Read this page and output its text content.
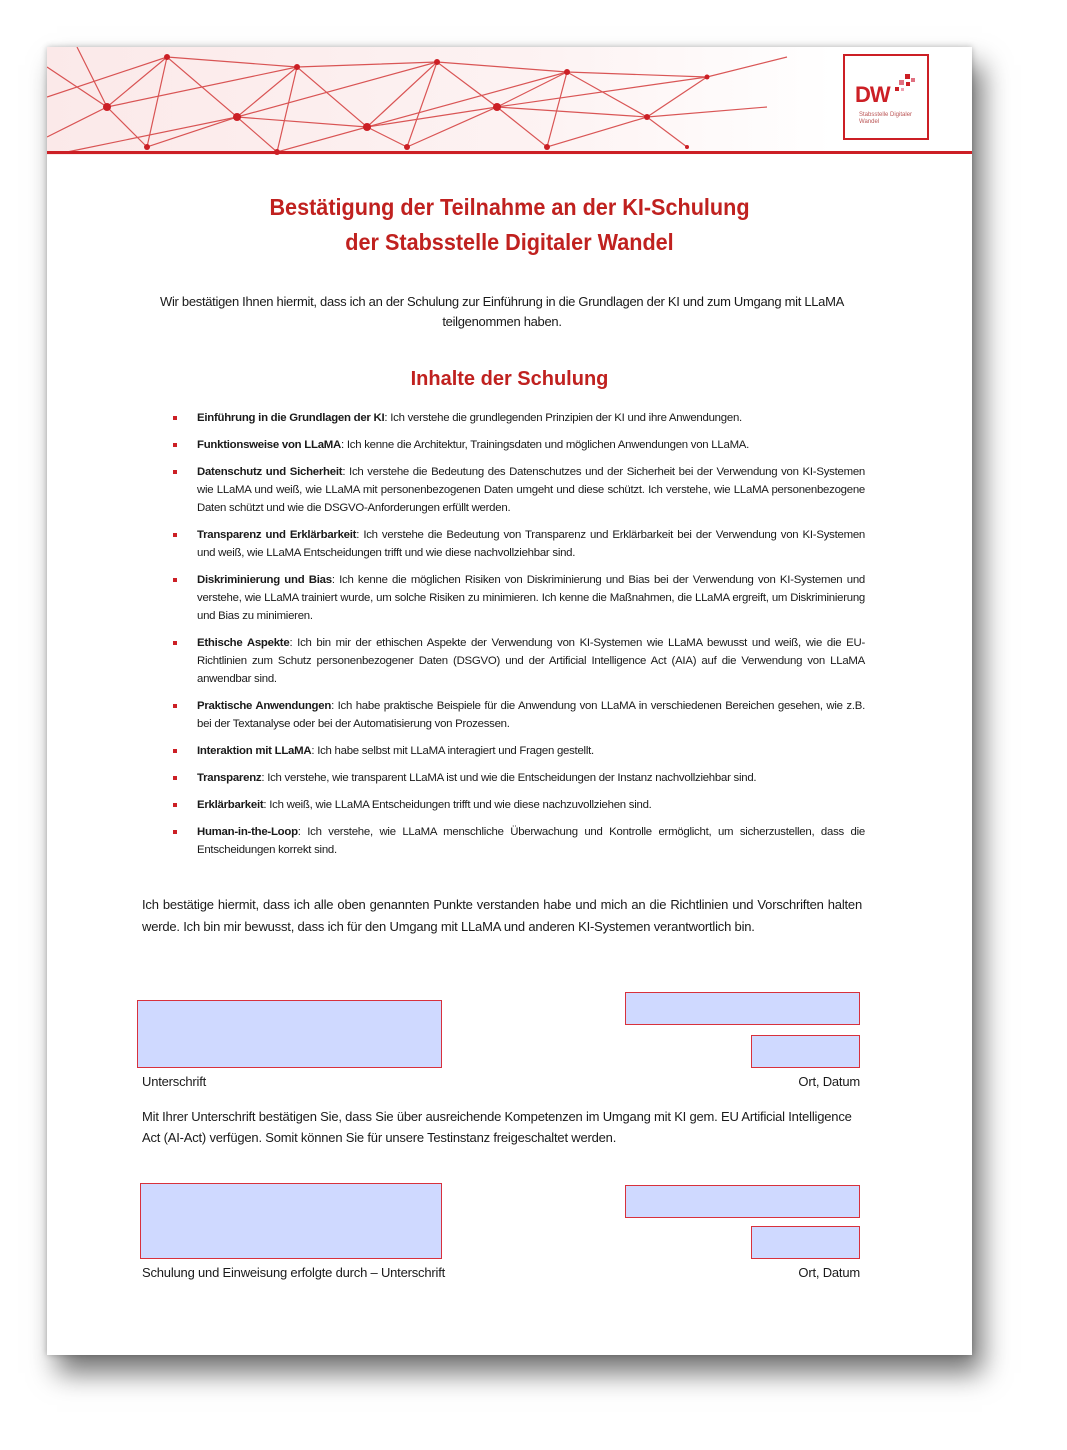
DW
Stabsstelle Digitaler Wandel
Bestätigung der Teilnahme an der KI-Schulung
der Stabsstelle Digitaler Wandel
Wir bestätigen Ihnen hiermit, dass ich an der Schulung zur Einführung in die Grundlagen der KI und zum Umgang mit LLaMA teilgenommen haben.
Inhalte der Schulung
Einführung in die Grundlagen der KI: Ich verstehe die grundlegenden Prinzipien der KI und ihre Anwendungen.
Funktionsweise von LLaMA: Ich kenne die Architektur, Trainingsdaten und möglichen Anwendungen von LLaMA.
Datenschutz und Sicherheit: Ich verstehe die Bedeutung des Datenschutzes und der Sicherheit bei der Verwendung von KI-Systemen wie LLaMA und weiß, wie LLaMA mit personenbezogenen Daten umgeht und diese schützt. Ich verstehe, wie LLaMA personenbezogene Daten schützt und wie die DSGVO-Anforderungen erfüllt werden.
Transparenz und Erklärbarkeit: Ich verstehe die Bedeutung von Transparenz und Erklärbarkeit bei der Verwendung von KI-Systemen und weiß, wie LLaMA Entscheidungen trifft und wie diese nachvollziehbar sind.
Diskriminierung und Bias: Ich kenne die möglichen Risiken von Diskriminierung und Bias bei der Verwendung von KI-Systemen und verstehe, wie LLaMA trainiert wurde, um solche Risiken zu minimieren. Ich kenne die Maßnahmen, die LLaMA ergreift, um Diskriminierung und Bias zu minimieren.
Ethische Aspekte: Ich bin mir der ethischen Aspekte der Verwendung von KI-Systemen wie LLaMA bewusst und weiß, wie die EU-Richtlinien zum Schutz personenbezogener Daten (DSGVO) und der Artificial Intelligence Act (AIA) auf die Verwendung von LLaMA anwendbar sind.
Praktische Anwendungen: Ich habe praktische Beispiele für die Anwendung von LLaMA in verschiedenen Bereichen gesehen, wie z.B. bei der Textanalyse oder bei der Automatisierung von Prozessen.
Interaktion mit LLaMA: Ich habe selbst mit LLaMA interagiert und Fragen gestellt.
Transparenz: Ich verstehe, wie transparent LLaMA ist und wie die Entscheidungen der Instanz nachvollziehbar sind.
Erklärbarkeit: Ich weiß, wie LLaMA Entscheidungen trifft und wie diese nachzuvollziehen sind.
Human-in-the-Loop: Ich verstehe, wie LLaMA menschliche Überwachung und Kontrolle ermöglicht, um sicherzustellen, dass die Entscheidungen korrekt sind.
Ich bestätige hiermit, dass ich alle oben genannten Punkte verstanden habe und mich an die Richtlinien und Vorschriften halten werde. Ich bin mir bewusst, dass ich für den Umgang mit LLaMA und anderen KI-Systemen verantwortlich bin.
Unterschrift	Ort, Datum
Mit Ihrer Unterschrift bestätigen Sie, dass Sie über ausreichende Kompetenzen im Umgang mit KI gem. EU Artificial Intelligence Act (AI-Act) verfügen. Somit können Sie für unsere Testinstanz freigeschaltet werden.
Schulung und Einweisung erfolgte durch – Unterschrift	Ort, Datum
